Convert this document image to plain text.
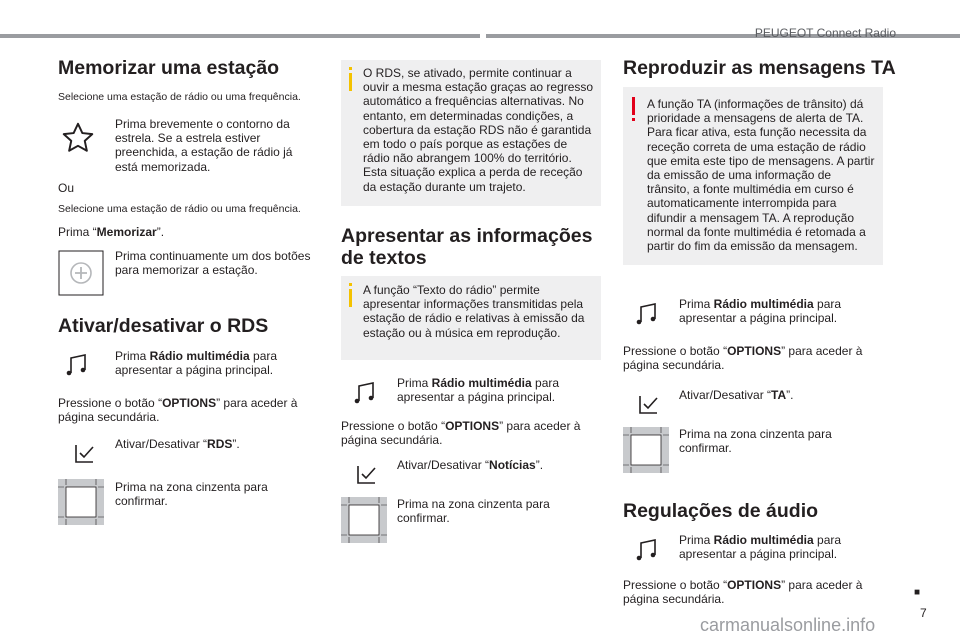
PEUGEOT Connect Radio
Memorizar uma estação
Selecione uma estação de rádio ou uma frequência.
Prima brevemente o contorno da estrela. Se a estrela estiver preenchida, a estação de rádio já está memorizada.
Ou
Selecione uma estação de rádio ou uma frequência.
Prima “Memorizar”.
Prima continuamente um dos botões para memorizar a estação.
Ativar/desativar o RDS
Prima Rádio multimédia para apresentar a página principal.
Pressione o botão “OPTIONS” para aceder à página secundária.
Ativar/Desativar “RDS”.
Prima na zona cinzenta para confirmar.
O RDS, se ativado, permite continuar a ouvir a mesma estação graças ao regresso automático a frequências alternativas. No entanto, em determinadas condições, a cobertura da estação RDS não é garantida em todo o país porque as estações de rádio não abrangem 100% do território. Esta situação explica a perda de receção da estação durante um trajeto.
Apresentar as informações de textos
A função “Texto do rádio” permite apresentar informações transmitidas pela estação de rádio e relativas à emissão da estação ou à música em reprodução.
Prima Rádio multimédia para apresentar a página principal.
Pressione o botão “OPTIONS” para aceder à página secundária.
Ativar/Desativar “Notícias”.
Prima na zona cinzenta para confirmar.
Reproduzir as mensagens TA
A função TA (informações de trânsito) dá prioridade a mensagens de alerta de TA. Para ficar ativa, esta função necessita da receção correta de uma estação de rádio que emita este tipo de mensagens. A partir da emissão de uma informação de trânsito, a fonte multimédia em curso é automaticamente interrompida para difundir a mensagem TA. A reprodução normal da fonte multimédia é retomada a partir do fim da emissão da mensagem.
Prima Rádio multimédia para apresentar a página principal.
Pressione o botão “OPTIONS” para aceder à página secundária.
Ativar/Desativar “TA”.
Prima na zona cinzenta para confirmar.
Regulações de áudio
Prima Rádio multimédia para apresentar a página principal.
Pressione o botão “OPTIONS” para aceder à página secundária.	■
7
carmanualsonline.info
